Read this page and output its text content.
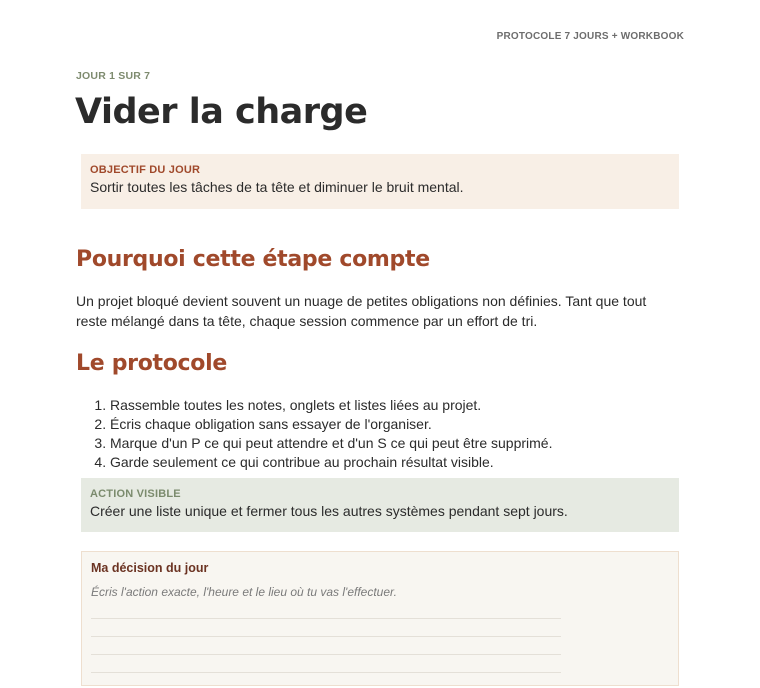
PROTOCOLE 7 JOURS + WORKBOOK
JOUR 1 SUR 7
Vider la charge
OBJECTIF DU JOUR
Sortir toutes les tâches de ta tête et diminuer le bruit mental.
Pourquoi cette étape compte
Un projet bloqué devient souvent un nuage de petites obligations non définies. Tant que tout reste mélangé dans ta tête, chaque session commence par un effort de tri.
Le protocole
1. Rassemble toutes les notes, onglets et listes liées au projet.
2. Écris chaque obligation sans essayer de l'organiser.
3. Marque d'un P ce qui peut attendre et d'un S ce qui peut être supprimé.
4. Garde seulement ce qui contribue au prochain résultat visible.
ACTION VISIBLE
Créer une liste unique et fermer tous les autres systèmes pendant sept jours.
Ma décision du jour
Écris l'action exacte, l'heure et le lieu où tu vas l'effectuer.
